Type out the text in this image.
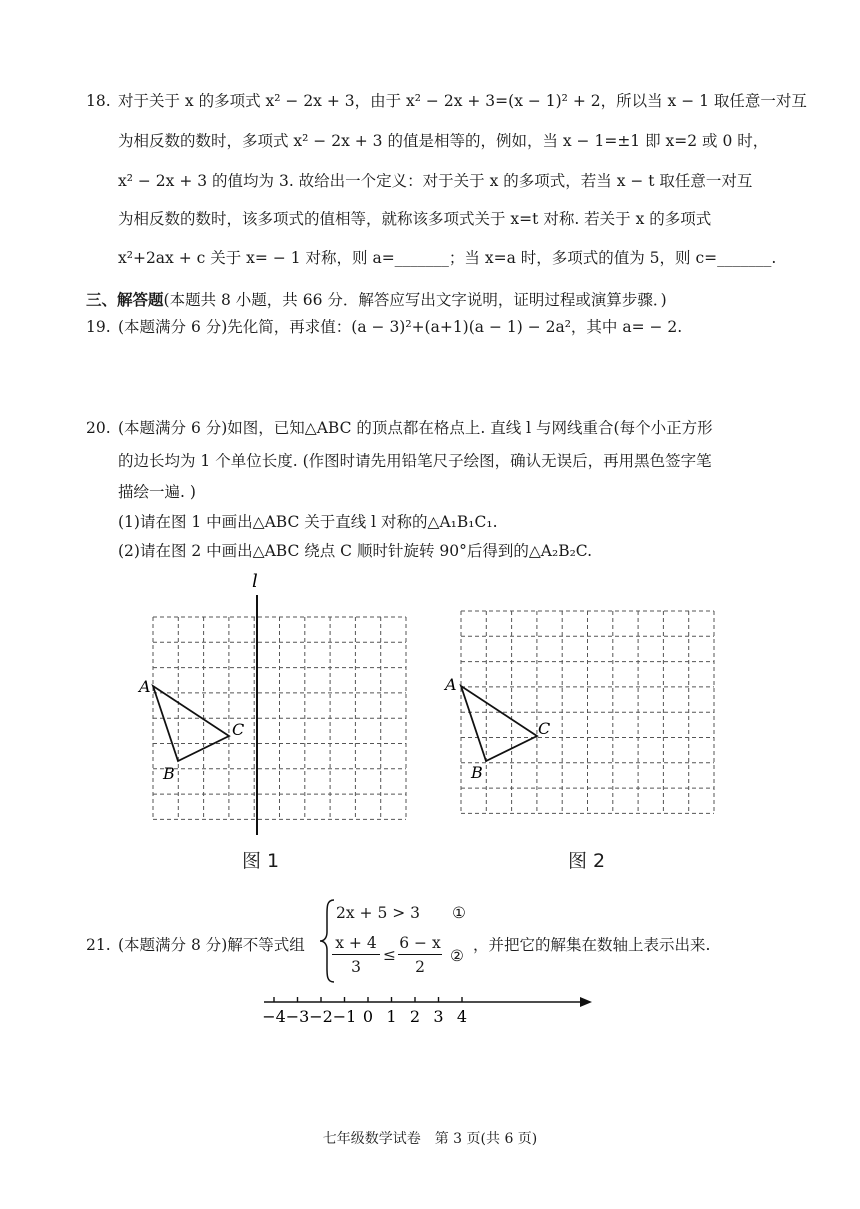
18. 对于关于 x 的多项式 x² − 2x + 3，由于 x² − 2x + 3=(x − 1)² + 2，所以当 x − 1 取任意一对互
为相反数的数时，多项式 x² − 2x + 3 的值是相等的，例如，当 x − 1=±1 即 x=2 或 0 时，
x² − 2x + 3 的值均为 3. 故给出一个定义：对于关于 x 的多项式，若当 x − t 取任意一对互
为相反数的数时，该多项式的值相等，就称该多项式关于 x=t 对称. 若关于 x 的多项式
x²+2ax + c 关于 x= − 1 对称，则 a=_______；当 x=a 时，多项式的值为 5，则 c=_______.
三、解答题(本题共 8 小题，共 66 分．解答应写出文字说明，证明过程或演算步骤．)
19. (本题满分 6 分)先化简，再求值：(a − 3)²+(a+1)(a − 1) − 2a²，其中 a= − 2.
20. (本题满分 6 分)如图，已知△ABC 的顶点都在格点上. 直线 l 与网线重合(每个小正方形
的边长均为 1 个单位长度. (作图时请先用铅笔尺子绘图，确认无误后，再用黑色签字笔
描绘一遍. )
(1)请在图 1 中画出△ABC 关于直线 l 对称的△A₁B₁C₁.
(2)请在图 2 中画出△ABC 绕点 C 顺时针旋转 90°后得到的△A₂B₂C.
l
A
B
C
图 1
A
B
C
图 2
21. (本题满分 8 分)解不等式组
2x + 5 > 3 ①
$\frac{x + 4}{3} \le \frac{6 - x}{2}$ ②
，并把它的解集在数轴上表示出来.
−4 −3 −2 −1 0 1 2 3 4
七年级数学试卷　第 3 页(共 6 页)
